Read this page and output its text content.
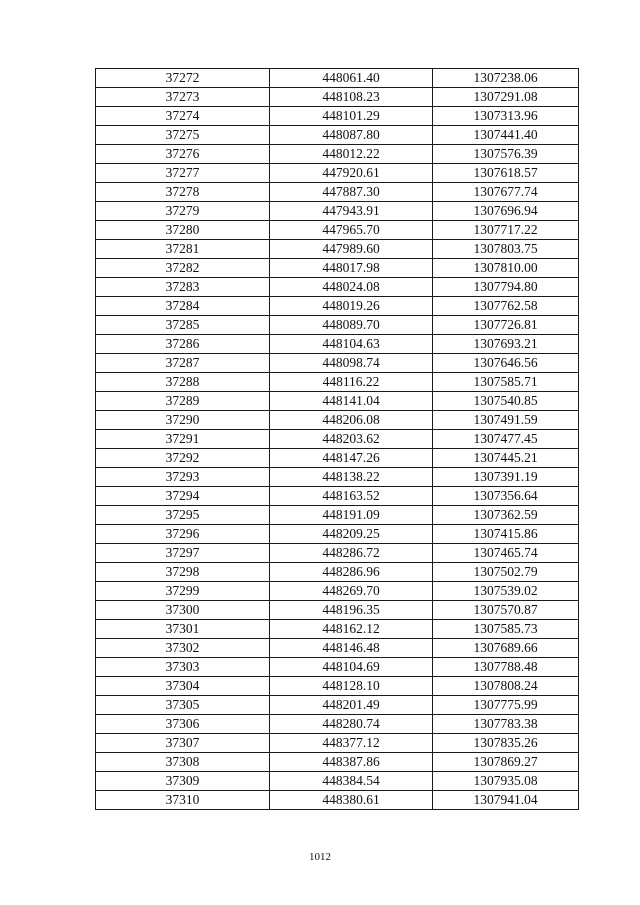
37272	448061.40	1307238.06
37273	448108.23	1307291.08
37274	448101.29	1307313.96
37275	448087.80	1307441.40
37276	448012.22	1307576.39
37277	447920.61	1307618.57
37278	447887.30	1307677.74
37279	447943.91	1307696.94
37280	447965.70	1307717.22
37281	447989.60	1307803.75
37282	448017.98	1307810.00
37283	448024.08	1307794.80
37284	448019.26	1307762.58
37285	448089.70	1307726.81
37286	448104.63	1307693.21
37287	448098.74	1307646.56
37288	448116.22	1307585.71
37289	448141.04	1307540.85
37290	448206.08	1307491.59
37291	448203.62	1307477.45
37292	448147.26	1307445.21
37293	448138.22	1307391.19
37294	448163.52	1307356.64
37295	448191.09	1307362.59
37296	448209.25	1307415.86
37297	448286.72	1307465.74
37298	448286.96	1307502.79
37299	448269.70	1307539.02
37300	448196.35	1307570.87
37301	448162.12	1307585.73
37302	448146.48	1307689.66
37303	448104.69	1307788.48
37304	448128.10	1307808.24
37305	448201.49	1307775.99
37306	448280.74	1307783.38
37307	448377.12	1307835.26
37308	448387.86	1307869.27
37309	448384.54	1307935.08
37310	448380.61	1307941.04
1012
